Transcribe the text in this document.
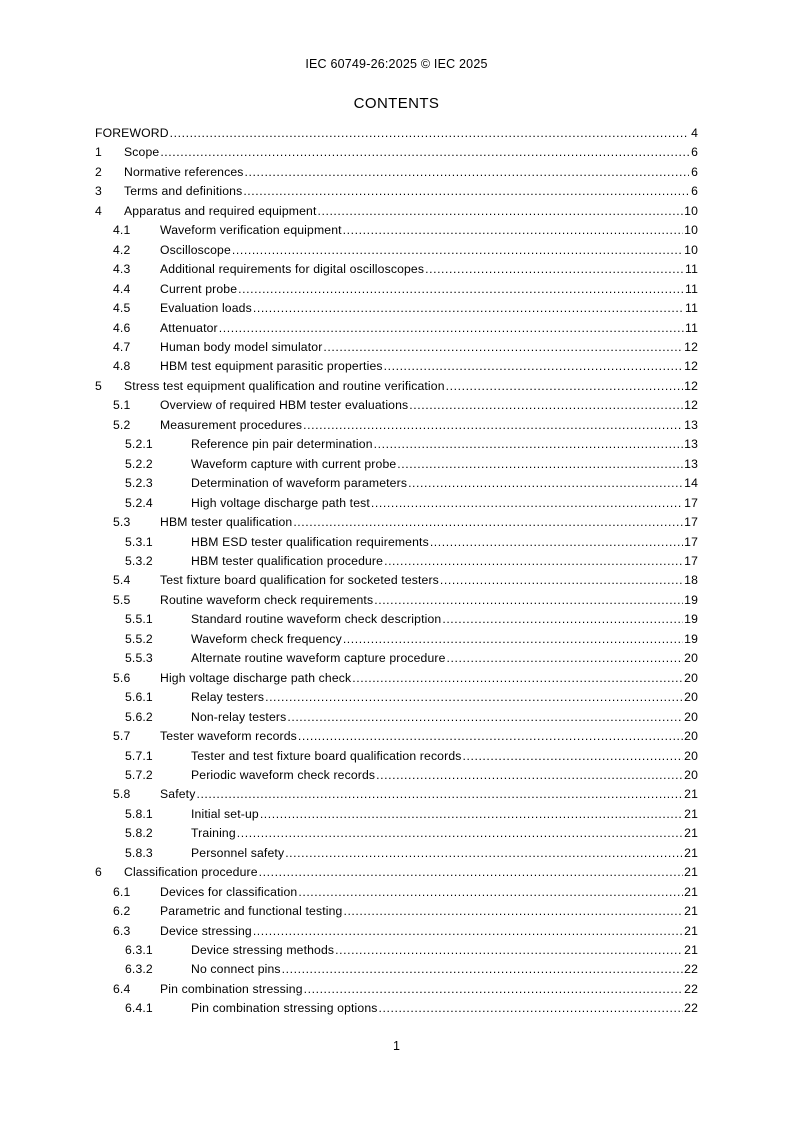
IEC 60749-26:2025 © IEC 2025
CONTENTS
FOREWORD .....	4
1	Scope .....	6
2	Normative references .....	6
3	Terms and definitions .....	6
4	Apparatus and required equipment .....	10
4.1	Waveform verification equipment .....	10
4.2	Oscilloscope .....	10
4.3	Additional requirements for digital oscilloscopes .....	11
4.4	Current probe .....	11
4.5	Evaluation loads .....	11
4.6	Attenuator .....	11
4.7	Human body model simulator .....	12
4.8	HBM test equipment parasitic properties .....	12
5	Stress test equipment qualification and routine verification .....	12
5.1	Overview of required HBM tester evaluations .....	12
5.2	Measurement procedures .....	13
5.2.1	Reference pin pair determination .....	13
5.2.2	Waveform capture with current probe .....	13
5.2.3	Determination of waveform parameters .....	14
5.2.4	High voltage discharge path test .....	17
5.3	HBM tester qualification .....	17
5.3.1	HBM ESD tester qualification requirements .....	17
5.3.2	HBM tester qualification procedure .....	17
5.4	Test fixture board qualification for socketed testers .....	18
5.5	Routine waveform check requirements .....	19
5.5.1	Standard routine waveform check description .....	19
5.5.2	Waveform check frequency .....	19
5.5.3	Alternate routine waveform capture procedure .....	20
5.6	High voltage discharge path check .....	20
5.6.1	Relay testers .....	20
5.6.2	Non-relay testers .....	20
5.7	Tester waveform records .....	20
5.7.1	Tester and test fixture board qualification records .....	20
5.7.2	Periodic waveform check records .....	20
5.8	Safety .....	21
5.8.1	Initial set-up .....	21
5.8.2	Training .....	21
5.8.3	Personnel safety .....	21
6	Classification procedure .....	21
6.1	Devices for classification .....	21
6.2	Parametric and functional testing .....	21
6.3	Device stressing .....	21
6.3.1	Device stressing methods .....	21
6.3.2	No connect pins .....	22
6.4	Pin combination stressing .....	22
6.4.1	Pin combination stressing options .....	22
1
